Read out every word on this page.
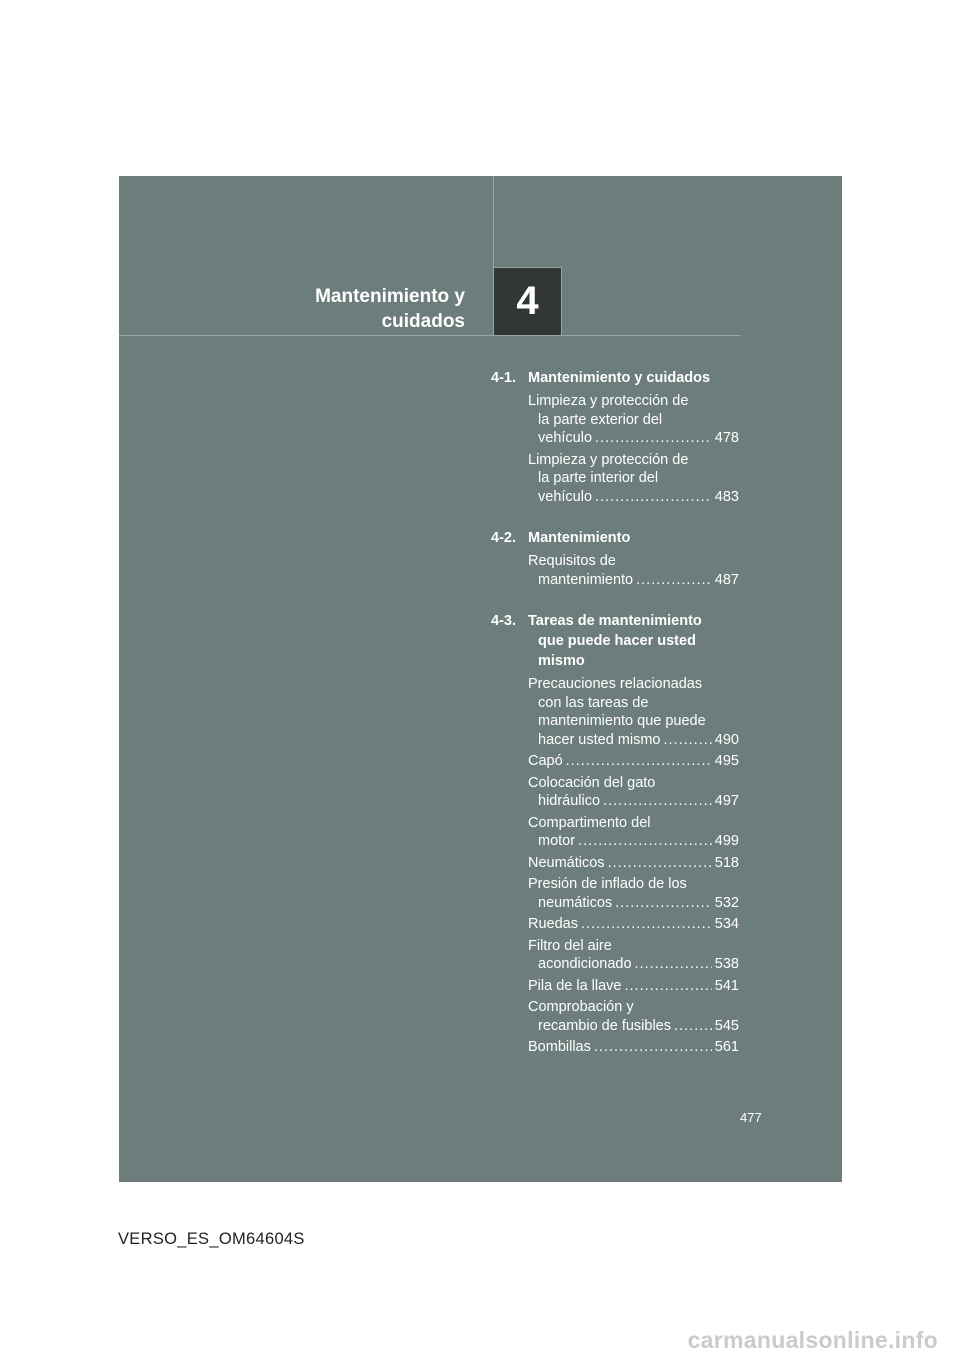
Mantenimiento y
cuidados 4
4-1. Mantenimiento y cuidados
Limpieza y protección de
la parte exterior del
vehículo .....	478
Limpieza y protección de
la parte interior del
vehículo .....	483
4-2. Mantenimiento
Requisitos de
mantenimiento .....	487
4-3. Tareas de mantenimiento
que puede hacer usted
mismo
Precauciones relacionadas
con las tareas de
mantenimiento que puede
hacer usted mismo .....	490
Capó .....	495
Colocación del gato
hidráulico .....	497
Compartimento del
motor .....	499
Neumáticos .....	518
Presión de inflado de los
neumáticos .....	532
Ruedas .....	534
Filtro del aire
acondicionado .....	538
Pila de la llave .....	541
Comprobación y
recambio de fusibles .....	545
Bombillas .....	561
477
VERSO_ES_OM64604S
carmanualsonline.info
